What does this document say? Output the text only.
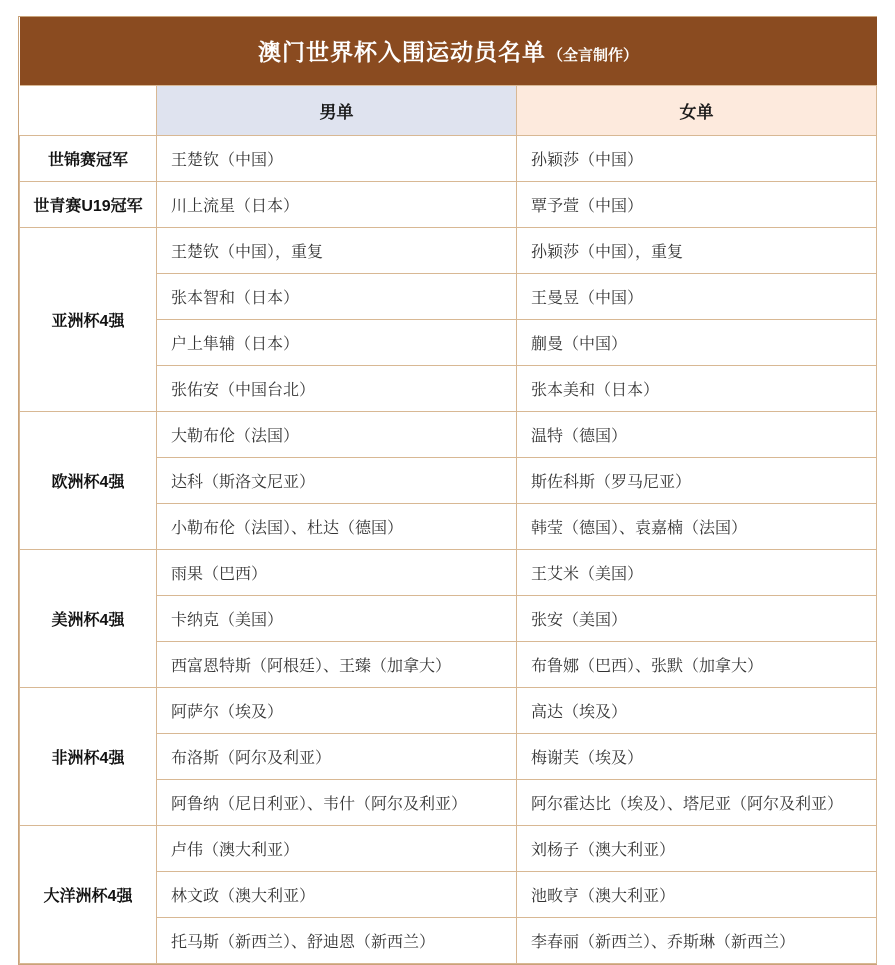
澳门世界杯入围运动员名单 （全言制作）		
	男单	女单
世锦赛冠军	王楚钦（中国）	孙颖莎（中国）
世青赛U19冠军	川上流星（日本）	覃予萱（中国）
亚洲杯4强	王楚钦（中国），重复	孙颖莎（中国），重复
	张本智和（日本）	王曼昱（中国）
	户上隼辅（日本）	蒯曼（中国）
	张佑安（中国台北）	张本美和（日本）
欧洲杯4强	大勒布伦（法国）	温特（德国）
	达科（斯洛文尼亚）	斯佐科斯（罗马尼亚）
	小勒布伦（法国）、杜达（德国）	韩莹（德国）、袁嘉楠（法国）
美洲杯4强	雨果（巴西）	王艾米（美国）
	卡纳克（美国）	张安（美国）
	西富恩特斯（阿根廷）、王臻（加拿大）	布鲁娜（巴西）、张默（加拿大）
非洲杯4强	阿萨尔（埃及）	高达（埃及）
	布洛斯（阿尔及利亚）	梅谢芙（埃及）
	阿鲁纳（尼日利亚）、韦什（阿尔及利亚）	阿尔霍达比（埃及）、塔尼亚（阿尔及利亚）
大洋洲杯4强	卢伟（澳大利亚）	刘杨子（澳大利亚）
	林文政（澳大利亚）	池畋亨（澳大利亚）
	托马斯（新西兰）、舒迪恩（新西兰）	李春丽（新西兰）、乔斯琳（新西兰）
